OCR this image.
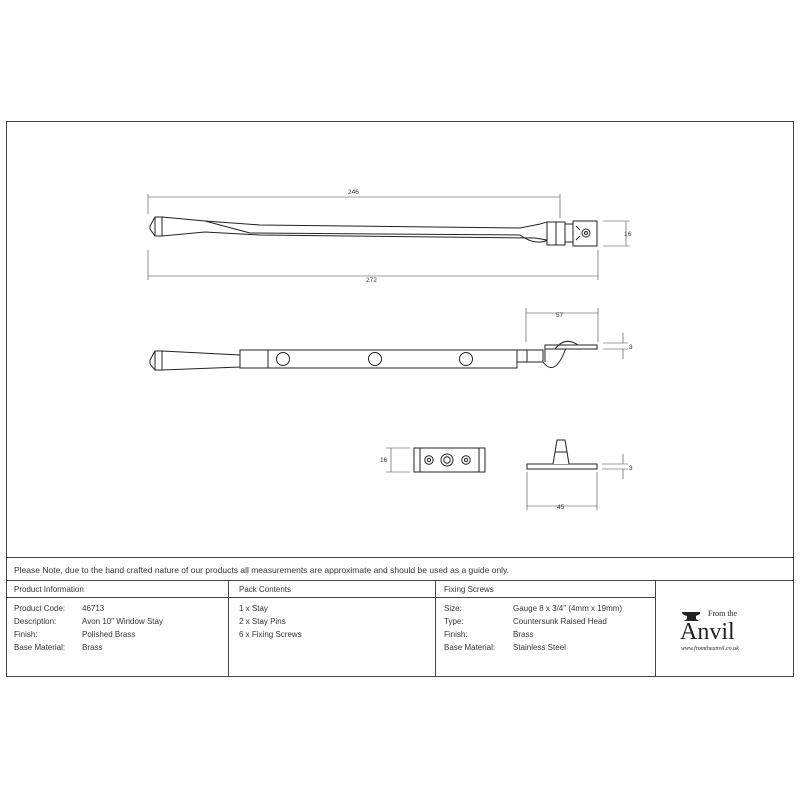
246
272
16
57
3
16
3
45
Please Note, due to the hand crafted nature of our products all measurements are approximate and should be used as a guide only.
Product Information
Product Code: 46713
Description:	Avon 10" Window Stay
Finish:	Polished Brass
Base Material: Brass
Pack Contents
1 x Stay
2 x Stay Pins
6 x Fixing Screws
Fixing Screws
Size:	Gauge 8 x 3/4" (4mm x 19mm)
Type:	Countersunk Raised Head
Finish:	Brass
Base Material: Stainless Steel
From the
Anvil
www.fromtheanvil.co.uk
